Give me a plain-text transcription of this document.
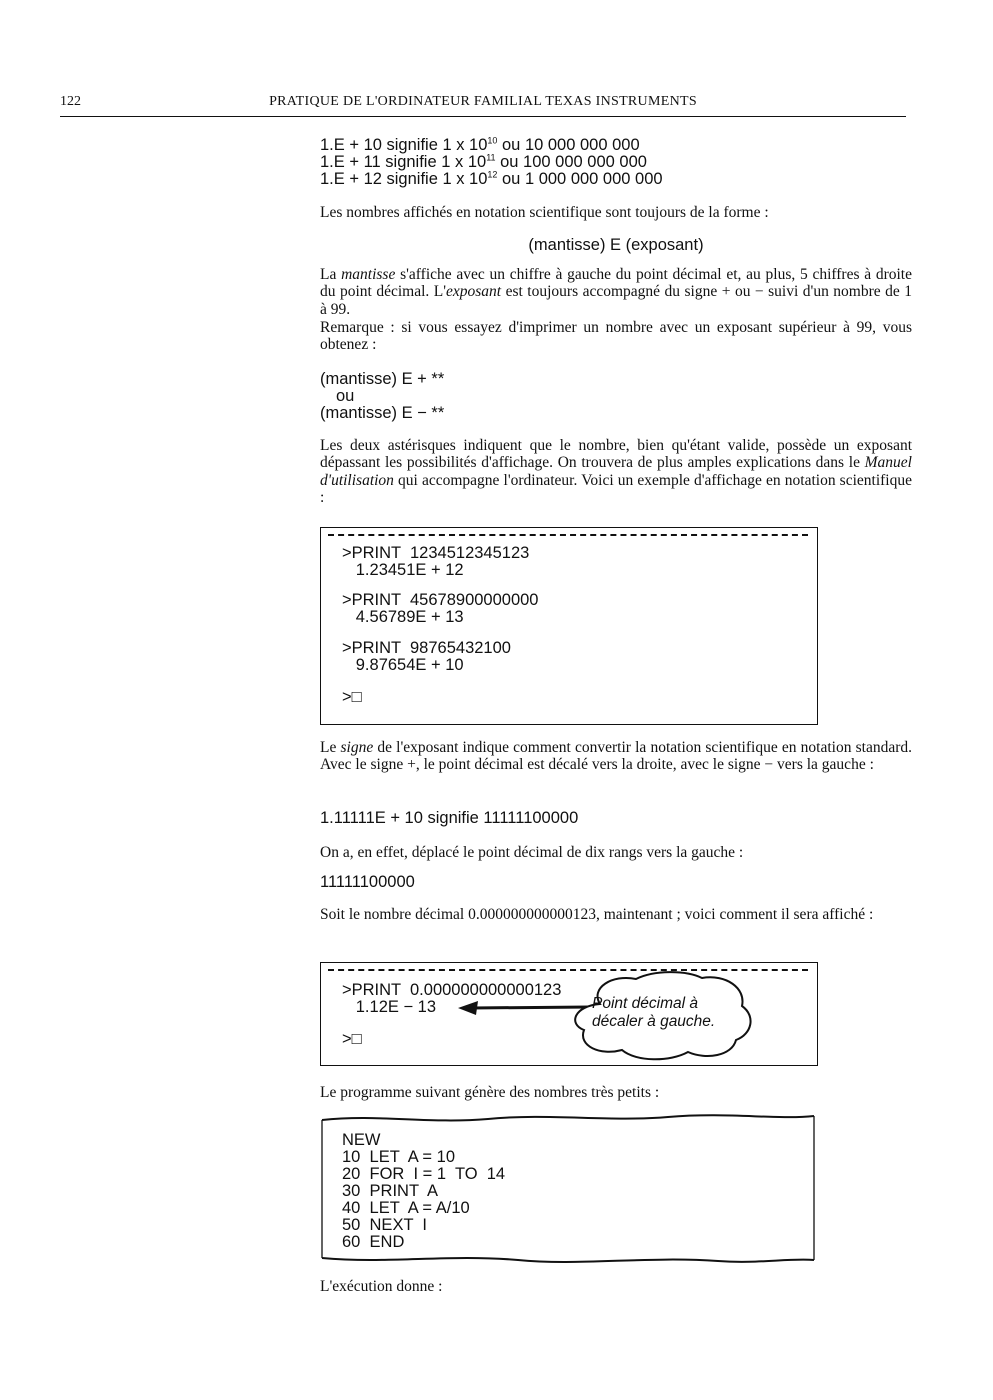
122	PRATIQUE DE L'ORDINATEUR FAMILIAL TEXAS INSTRUMENTS
1.E + 10 signifie 1 x $10^{10}$ ou 10 000 000 000
1.E + 11 signifie 1 x $10^{11}$ ou 100 000 000 000
1.E + 12 signifie 1 x $10^{12}$ ou 1 000 000 000 000

Les nombres affichés en notation scientifique sont toujours de la forme :

(mantisse) E (exposant)

La mantisse s'affiche avec un chiffre à gauche du point décimal et, au plus, 5 chiffres à droite du point décimal. L'exposant est toujours accompagné du signe + ou − suivi d'un nombre de 1 à 99.

Remarque : si vous essayez d'imprimer un nombre avec un exposant supérieur à 99, vous obtenez :

(mantisse) E + **
ou
(mantisse) E − **

Les deux astérisques indiquent que le nombre, bien qu'étant valide, possède un exposant dépassant les possibilités d'affichage. On trouvera de plus amples explications dans le Manuel d'utilisation qui accompagne l'ordinateur. Voici un exemple d'affichage en notation scientifique :

>PRINT  1234512345123
1.23451E + 12
>PRINT  45678900000000
4.56789E + 13
>PRINT  98765432100
9.87654E + 10
>□

Le signe de l'exposant indique comment convertir la notation scientifique en notation standard. Avec le signe +, le point décimal est décalé vers la droite, avec le signe − vers la gauche :

1.11111E + 10 signifie 11111100000

On a, en effet, déplacé le point décimal de dix rangs vers la gauche :

11111100000

Soit le nombre décimal 0.000000000000123, maintenant ; voici comment il sera affiché :

>PRINT  0.000000000000123
1.12E − 13
>□
Point décimal à
décaler à gauche.

Le programme suivant génère des nombres très petits :

NEW
10  LET  A = 10
20  FOR  I = 1  TO  14
30  PRINT  A
40  LET  A = A/10
50  NEXT  I
60  END

L'exécution donne :
